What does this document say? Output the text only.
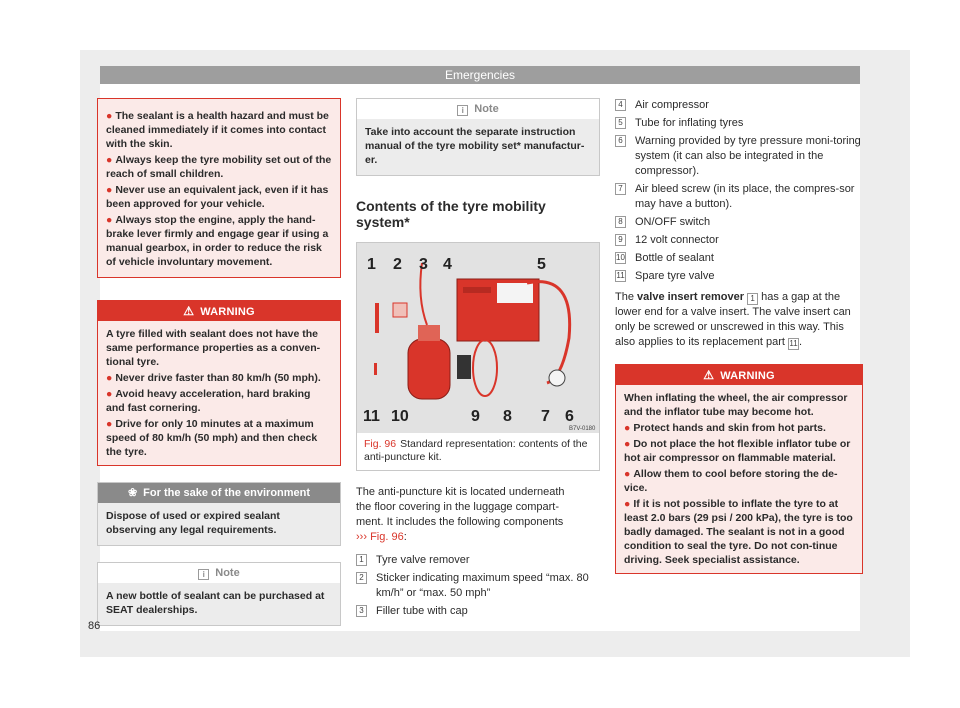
Emergencies
● The sealant is a health hazard and must be cleaned immediately if it comes into contact with the skin.
● Always keep the tyre mobility set out of the reach of small children.
● Never use an equivalent jack, even if it has been approved for your vehicle.
● Always stop the engine, apply the hand-brake lever firmly and engage gear if using a manual gearbox, in order to reduce the risk of vehicle involuntary movement.
⚠ WARNING
A tyre filled with sealant does not have the same performance properties as a conven-tional tyre.
● Never drive faster than 80 km/h (50 mph).
● Avoid heavy acceleration, hard braking and fast cornering.
● Drive for only 10 minutes at a maximum speed of 80 km/h (50 mph) and then check the tyre.
❀ For the sake of the environment
Dispose of used or expired sealant observing any legal requirements.
i Note
A new bottle of sealant can be purchased at SEAT dealerships.
i Note
Take into account the separate instruction manual of the tyre mobility set* manufactur-er.
Contents of the tyre mobility system*
1 2 3 4	5
11 10	9 8 7 6
B7V-0180
Fig. 96 Standard representation: contents of the anti-puncture kit.
The anti-puncture kit is located underneath
the floor covering in the luggage compart-
ment. It includes the following components
››› Fig. 96:
1 Tyre valve remover
2 Sticker indicating maximum speed “max. 80 km/h” or “max. 50 mph”
3 Filler tube with cap
4 Air compressor
5 Tube for inflating tyres
6 Warning provided by tyre pressure moni-toring system (it can also be integrated in the compressor).
7 Air bleed screw (in its place, the compres-sor may have a button).
8 ON/OFF switch
9 12 volt connector
10 Bottle of sealant
11 Spare tyre valve
The valve insert remover 1 has a gap at the lower end for a valve insert. The valve insert can only be screwed or unscrewed in this way. This also applies to its replacement part 11.
⚠ WARNING
When inflating the wheel, the air compressor and the inflator tube may become hot.
● Protect hands and skin from hot parts.
● Do not place the hot flexible inflator tube or hot air compressor on flammable material.
● Allow them to cool before storing the de-vice.
● If it is not possible to inflate the tyre to at least 2.0 bars (29 psi / 200 kPa), the tyre is too badly damaged. The sealant is not in a good condition to seal the tyre. Do not con-tinue driving. Seek specialist assistance.
86
